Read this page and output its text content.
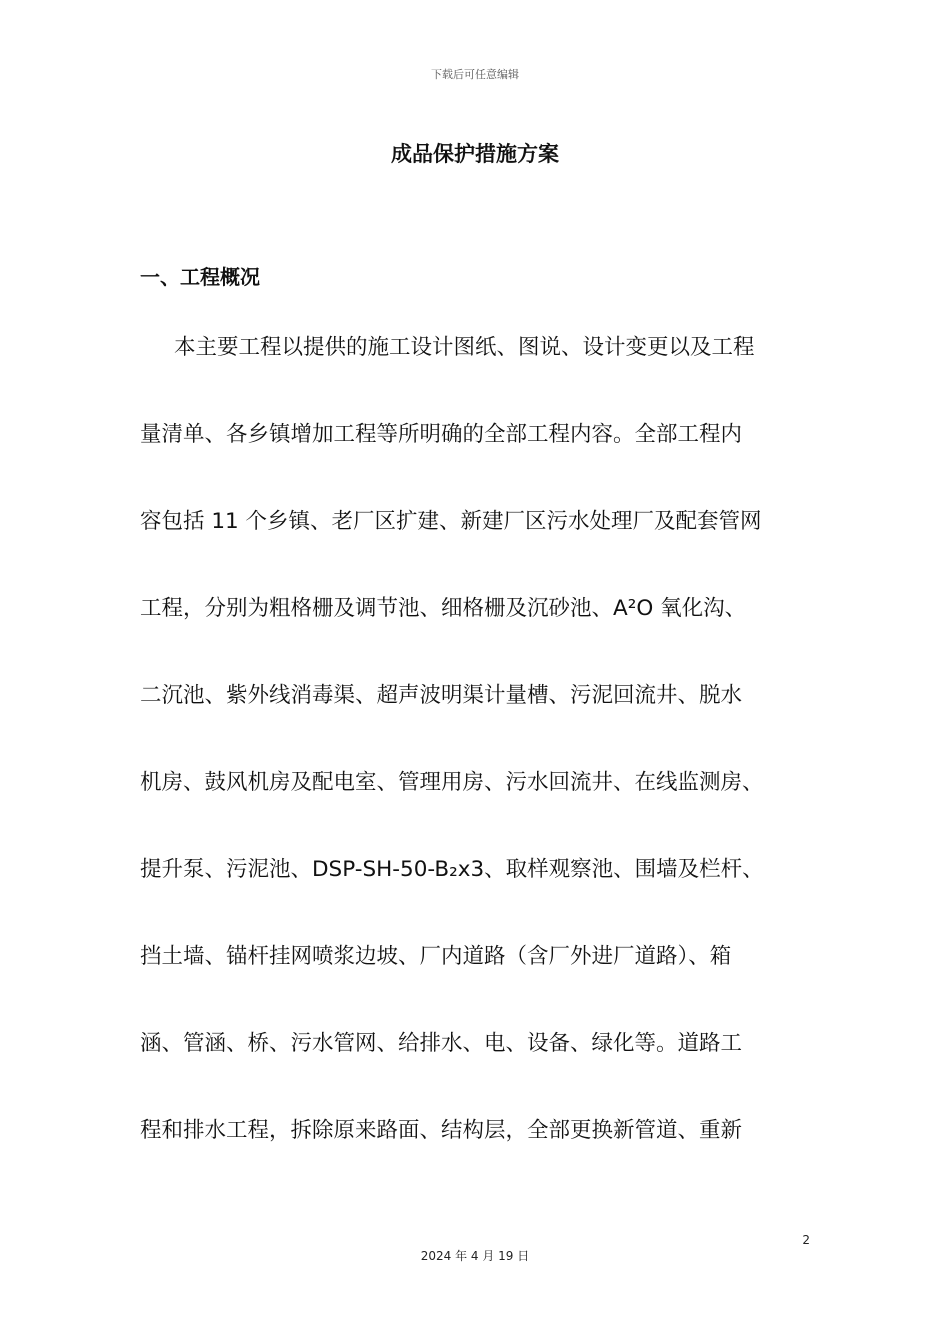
下载后可任意编辑
成品保护措施方案
一、工程概况
本主要工程以提供的施工设计图纸、图说、设计变更以及工程
量清单、各乡镇增加工程等所明确的全部工程内容。全部工程内
容包括 11 个乡镇、老厂区扩建、新建厂区污水处理厂及配套管网
工程，分别为粗格栅及调节池、细格栅及沉砂池、A²O 氧化沟、
二沉池、紫外线消毒渠、超声波明渠计量槽、污泥回流井、脱水
机房、鼓风机房及配电室、管理用房、污水回流井、在线监测房、
提升泵、污泥池、DSP-SH-50-B₂x3、取样观察池、围墙及栏杆、
挡土墙、锚杆挂网喷浆边坡、厂内道路（含厂外进厂道路）、箱
涵、管涵、桥、污水管网、给排水、电、设备、绿化等。道路工
程和排水工程，拆除原来路面、结构层，全部更换新管道、重新
2
2024 年 4 月 19 日
